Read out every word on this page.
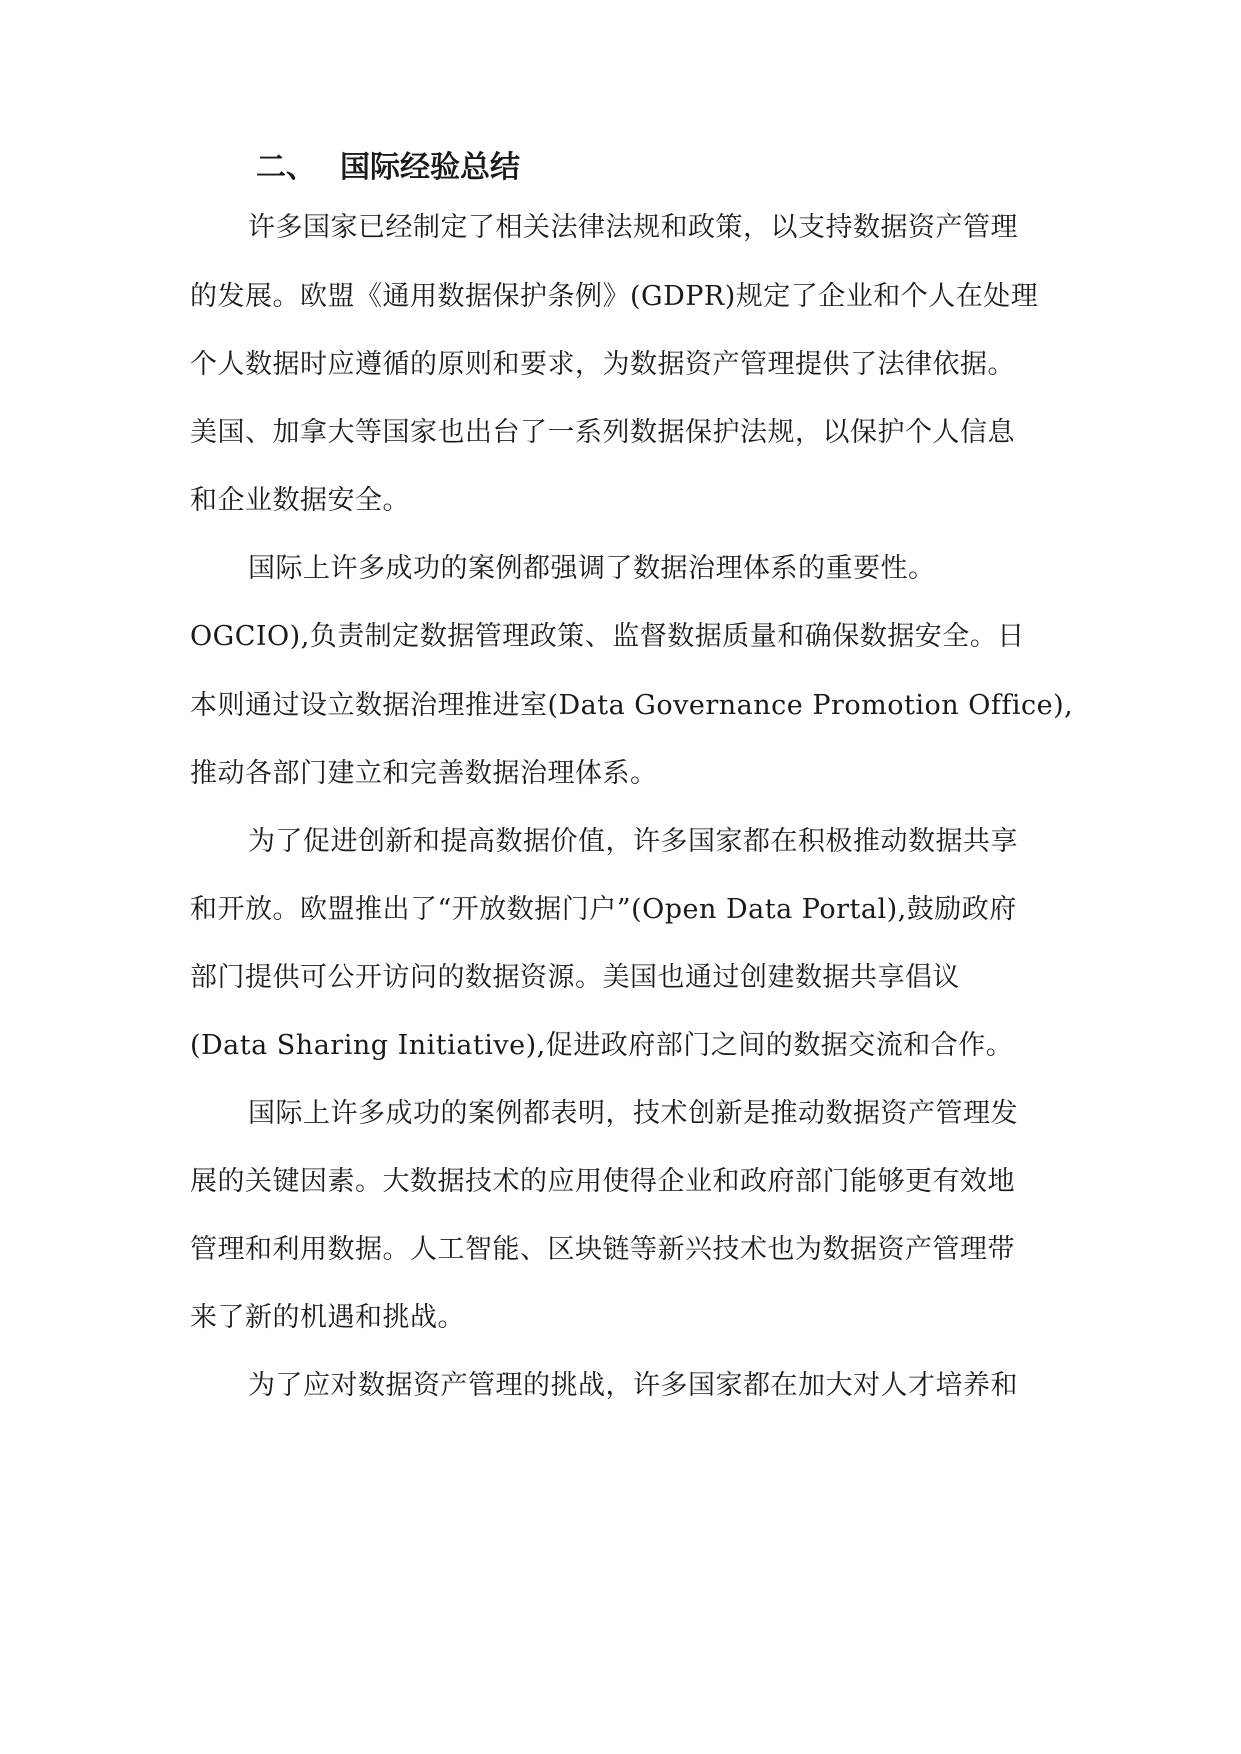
二、 国际经验总结
许多国家已经制定了相关法律法规和政策，以支持数据资产管理
的发展。欧盟《通用数据保护条例》(GDPR)规定了企业和个人在处理
个人数据时应遵循的原则和要求，为数据资产管理提供了法律依据。
美国、加拿大等国家也出台了一系列数据保护法规，以保护个人信息
和企业数据安全。
国际上许多成功的案例都强调了数据治理体系的重要性。
OGCIO),负责制定数据管理政策、监督数据质量和确保数据安全。日
本则通过设立数据治理推进室(Data Governance Promotion Office),
推动各部门建立和完善数据治理体系。
为了促进创新和提高数据价值，许多国家都在积极推动数据共享
和开放。欧盟推出了“开放数据门户”(Open Data Portal),鼓励政府
部门提供可公开访问的数据资源。美国也通过创建数据共享倡议
(Data Sharing Initiative),促进政府部门之间的数据交流和合作。
国际上许多成功的案例都表明，技术创新是推动数据资产管理发
展的关键因素。大数据技术的应用使得企业和政府部门能够更有效地
管理和利用数据。人工智能、区块链等新兴技术也为数据资产管理带
来了新的机遇和挑战。
为了应对数据资产管理的挑战，许多国家都在加大对人才培养和
